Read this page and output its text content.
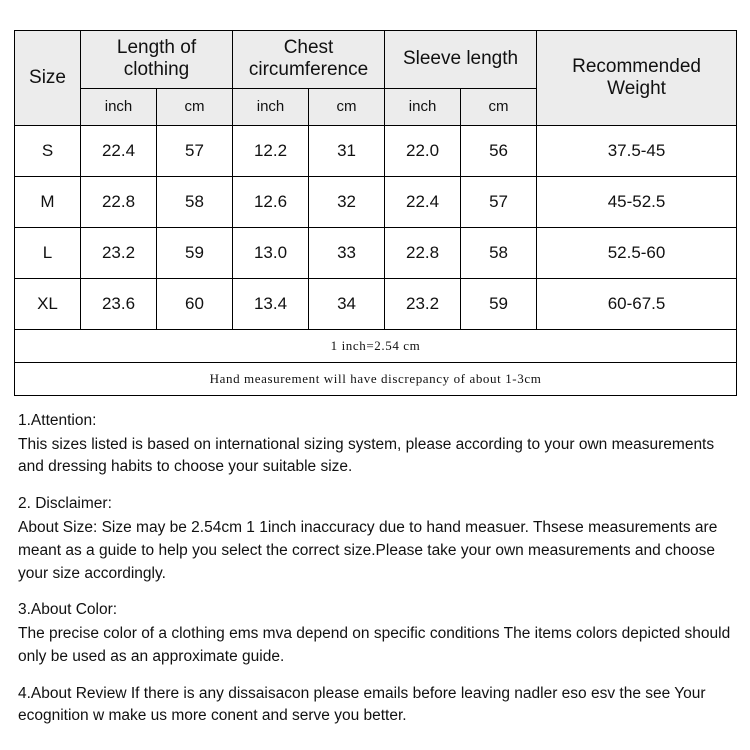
Size	Length of clothing		Chest circumference		Sleeve length		Recommended Weight
	inch	cm	inch	cm	inch	cm	
S	22.4	57	12.2	31	22.0	56	37.5-45
M	22.8	58	12.6	32	22.4	57	45-52.5
L	23.2	59	13.0	33	22.8	58	52.5-60
XL	23.6	60	13.4	34	23.2	59	60-67.5
1 inch=2.54 cm							
Hand measurement will have discrepancy of about 1-3cm							

1.Attention:

This sizes listed is based on international sizing system, please according to your own measurements and dressing habits to choose your suitable size.

2. Disclaimer:

About Size: Size may be 2.54cm 1 1inch inaccuracy due to hand measuer. Thsese measurements are meant as a guide to help you select the correct size.Please take your own measurements and choose your size accordingly.

3.About Color:

The precise color of a clothing ems mva depend on specific conditions The items colors depicted should only be used as an approximate guide.

4.About Review If there is any dissaisacon please emails before leaving nadler eso esv the see Your ecognition w make us more conent and serve you better.
